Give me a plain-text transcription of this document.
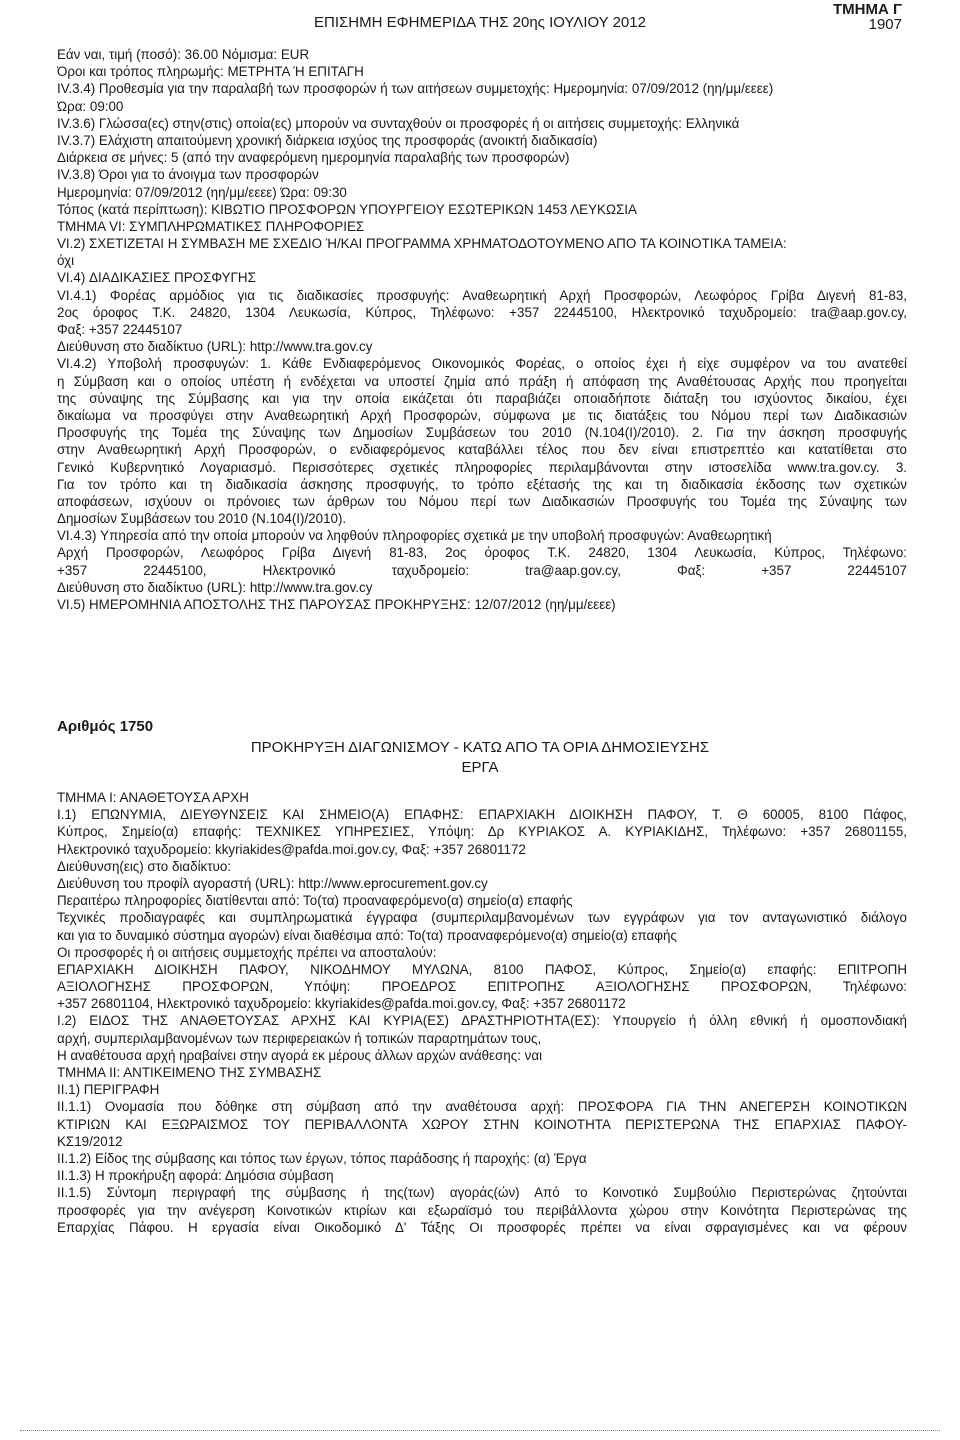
ΕΠΙΣΗΜΗ ΕΦΗΜΕΡΙΔΑ ΤΗΣ 20ης ΙΟΥΛΙΟΥ 2012
ΤΜΗΜΑ Γ
1907
Εάν ναι, τιμή (ποσό): 36.00 Νόμισμα: EUR
Όροι και τρόπος πληρωμής: ΜΕΤΡΗΤΑ Ή ΕΠΙΤΑΓΗ
IV.3.4) Προθεσμία για την παραλαβή των προσφορών ή των αιτήσεων συμμετοχής: Ημερομηνία: 07/09/2012 (ηη/μμ/εεεε)
Ώρα: 09:00
IV.3.6) Γλώσσα(ες) στην(στις) οποία(ες) μπορούν να συνταχθούν οι προσφορές ή οι αιτήσεις συμμετοχής: Ελληνικά
IV.3.7) Ελάχιστη απαιτούμενη χρονική διάρκεια ισχύος της προσφοράς (ανοικτή διαδικασία)
Διάρκεια σε μήνες: 5 (από την αναφερόμενη ημερομηνία παραλαβής των προσφορών)
IV.3.8) Όροι για το άνοιγμα των προσφορών
Ημερομηνία: 07/09/2012 (ηη/μμ/εεεε) Ώρα: 09:30
Τόπος (κατά περίπτωση): ΚΙΒΩΤΙΟ ΠΡΟΣΦΟΡΩΝ ΥΠΟΥΡΓΕΙΟΥ ΕΣΩΤΕΡΙΚΩΝ 1453 ΛΕΥΚΩΣΙΑ
ΤΜΗΜΑ VI: ΣΥΜΠΛΗΡΩΜΑΤΙΚΕΣ ΠΛΗΡΟΦΟΡΙΕΣ
VI.2) ΣΧΕΤΙΖΕΤΑΙ Η ΣΥΜΒΑΣΗ ΜΕ ΣΧΕΔΙΟ Ή/ΚΑΙ ΠΡΟΓΡΑΜΜΑ ΧΡΗΜΑΤΟΔΟΤΟΥΜΕΝΟ ΑΠΟ ΤΑ ΚΟΙΝΟΤΙΚΑ ΤΑΜΕΙΑ:
όχι
VI.4) ΔΙΑΔΙΚΑΣΙΕΣ ΠΡΟΣΦΥΓΗΣ
VI.4.1) Φορέας αρμόδιος για τις διαδικασίες προσφυγής: Αναθεωρητική Αρχή Προσφορών, Λεωφόρος Γρίβα Διγενή 81-83,
2ος όροφος Τ.Κ. 24820, 1304 Λευκωσία, Κύπρος, Τηλέφωνο: +357 22445100, Ηλεκτρονικό ταχυδρομείο: tra@aap.gov.cy,
Φαξ: +357 22445107
Διεύθυνση στο διαδίκτυο (URL): http://www.tra.gov.cy
VI.4.2) Υποβολή προσφυγών: 1. Κάθε Ενδιαφερόμενος Οικονομικός Φορέας, ο οποίος έχει ή είχε συμφέρον να του ανατεθεί
η Σύμβαση και ο οποίος υπέστη ή ενδέχεται να υποστεί ζημία από πράξη ή απόφαση της Αναθέτουσας Αρχής που προηγείται
της σύναψης της Σύμβασης και για την οποία εικάζεται ότι παραβιάζει οποιαδήποτε διάταξη του ισχύοντος δικαίου, έχει
δικαίωμα να προσφύγει στην Αναθεωρητική Αρχή Προσφορών, σύμφωνα με τις διατάξεις του Νόμου περί των Διαδικασιών
Προσφυγής της Τομέα της Σύναψης των Δημοσίων Συμβάσεων του 2010 (Ν.104(Ι)/2010). 2. Για την άσκηση προσφυγής
στην Αναθεωρητική Αρχή Προσφορών, ο ενδιαφερόμενος καταβάλλει τέλος που δεν είναι επιστρεπτέο και κατατίθεται στο
Γενικό Κυβερνητικό Λογαριασμό. Περισσότερες σχετικές πληροφορίες περιλαμβάνονται στην ιστοσελίδα www.tra.gov.cy. 3.
Για τον τρόπο και τη διαδικασία άσκησης προσφυγής, το τρόπο εξέτασής της και τη διαδικασία έκδοσης των σχετικών
αποφάσεων, ισχύουν οι πρόνοιες των άρθρων του Νόμου περί των Διαδικασιών Προσφυγής του Τομέα της Σύναψης των
Δημοσίων Συμβάσεων του 2010 (Ν.104(Ι)/2010).
VI.4.3) Υπηρεσία από την οποία μπορούν να ληφθούν πληροφορίες σχετικά με την υποβολή προσφυγών: Αναθεωρητική
Αρχή Προσφορών, Λεωφόρος Γρίβα Διγενή 81-83, 2ος όροφος Τ.Κ. 24820, 1304 Λευκωσία, Κύπρος, Τηλέφωνο:
+357 22445100, Ηλεκτρονικό ταχυδρομείο: tra@aap.gov.cy, Φαξ: +357 22445107
Διεύθυνση στο διαδίκτυο (URL): http://www.tra.gov.cy
VI.5) ΗΜΕΡΟΜΗΝΙΑ ΑΠΟΣΤΟΛΗΣ ΤΗΣ ΠΑΡΟΥΣΑΣ ΠΡΟΚΗΡΥΞΗΣ: 12/07/2012 (ηη/μμ/εεεε)
Αριθμός 1750
ΠΡΟΚΗΡΥΞΗ ΔΙΑΓΩΝΙΣΜΟΥ - ΚΑΤΩ ΑΠΟ ΤΑ ΟΡΙΑ ΔΗΜΟΣΙΕΥΣΗΣ
ΕΡΓΑ
ΤΜΗΜΑ Ι: ΑΝΑΘΕΤΟΥΣΑ ΑΡΧΗ
Ι.1) ΕΠΩΝΥΜΙΑ, ΔΙΕΥΘΥΝΣΕΙΣ ΚΑΙ ΣΗΜΕΙΟ(Α) ΕΠΑΦΗΣ: ΕΠΑΡΧΙΑΚΗ ΔΙΟΙΚΗΣΗ ΠΑΦΟΥ, Τ. Θ 60005, 8100 Πάφος,
Κύπρος, Σημείο(α) επαφής: ΤΕΧΝΙΚΕΣ ΥΠΗΡΕΣΙΕΣ, Υπόψη: Δρ ΚΥΡΙΑΚΟΣ Α. ΚΥΡΙΑΚΙΔΗΣ, Τηλέφωνο: +357 26801155,
Ηλεκτρονικό ταχυδρομείο: kkyriakides@pafda.moi.gov.cy, Φαξ: +357 26801172
Διεύθυνση(εις) στο διαδίκτυο:
Διεύθυνση του προφίλ αγοραστή (URL): http://www.eprocurement.gov.cy
Περαιτέρω πληροφορίες διατίθενται από: Το(τα) προαναφερόμενο(α) σημείο(α) επαφής
Τεχνικές προδιαγραφές και συμπληρωματικά έγγραφα (συμπεριλαμβανομένων των εγγράφων για τον ανταγωνιστικό διάλογο
και για το δυναμικό σύστημα αγορών) είναι διαθέσιμα από: Το(τα) προαναφερόμενο(α) σημείο(α) επαφής
Οι προσφορές ή οι αιτήσεις συμμετοχής πρέπει να αποσταλούν:
ΕΠΑΡΧΙΑΚΗ ΔΙΟΙΚΗΣΗ ΠΑΦΟΥ, ΝΙΚΟΔΗΜΟΥ ΜΥΛΩΝΑ, 8100 ΠΑΦΟΣ, Κύπρος, Σημείο(α) επαφής: ΕΠΙΤΡΟΠΗ
ΑΞΙΟΛΟΓΗΣΗΣ ΠΡΟΣΦΟΡΩΝ, Υπόψη: ΠΡΟΕΔΡΟΣ ΕΠΙΤΡΟΠΗΣ ΑΞΙΟΛΟΓΗΣΗΣ ΠΡΟΣΦΟΡΩΝ, Τηλέφωνο:
+357 26801104, Ηλεκτρονικό ταχυδρομείο: kkyriakides@pafda.moi.gov.cy, Φαξ: +357 26801172
Ι.2) ΕΙΔΟΣ ΤΗΣ ΑΝΑΘΕΤΟΥΣΑΣ ΑΡΧΗΣ ΚΑΙ ΚΥΡΙΑ(ΕΣ) ΔΡΑΣΤΗΡΙΟΤΗΤΑ(ΕΣ): Υπουργείο ή όλλη εθνική ή ομοσπονδιακή
αρχή, συμπεριλαμβανομένων των περιφερειακών ή τοπικών παραρτημάτων τους,
Η αναθέτουσα αρχή ηραβαίνει στην αγορά εκ μέρους άλλων αρχών ανάθεσης: ναι
ΤΜΗΜΑ ΙΙ: ΑΝΤΙΚΕΙΜΕΝΟ ΤΗΣ ΣΥΜΒΑΣΗΣ
ΙΙ.1) ΠΕΡΙΓΡΑΦΗ
ΙΙ.1.1) Ονομασία που δόθηκε στη σύμβαση από την αναθέτουσα αρχή: ΠΡΟΣΦΟΡΑ ΓΙΑ ΤΗΝ ΑΝΕΓΕΡΣΗ ΚΟΙΝΟΤΙΚΩΝ
ΚΤΙΡΙΩΝ ΚΑΙ ΕΞΩΡΑΙΣΜΟΣ ΤΟΥ ΠΕΡΙΒΑΛΛΟΝΤΑ ΧΩΡΟΥ ΣΤΗΝ ΚΟΙΝΟΤΗΤΑ ΠΕΡΙΣΤΕΡΩΝΑ ΤΗΣ ΕΠΑΡΧΙΑΣ ΠΑΦΟΥ-
ΚΣ19/2012
ΙΙ.1.2) Είδος της σύμβασης και τόπος των έργων, τόπος παράδοσης ή παροχής: (α) Έργα
ΙΙ.1.3) Η προκήρυξη αφορά: Δημόσια σύμβαση
ΙΙ.1.5) Σύντομη περιγραφή της σύμβασης ή της(των) αγοράς(ών) Από το Κοινοτικό Συμβούλιο Περιστερώνας ζητούνται
προσφορές για την ανέγερση Κοινοτικών κτιρίων και εξωραϊσμό του περιβάλλοντα χώρου στην Κοινότητα Περιστερώνας της
Επαρχίας Πάφου. Η εργασία είναι Οικοδομικό Δ' Τάξης Οι προσφορές πρέπει να είναι σφραγισμένες και να φέρουν
